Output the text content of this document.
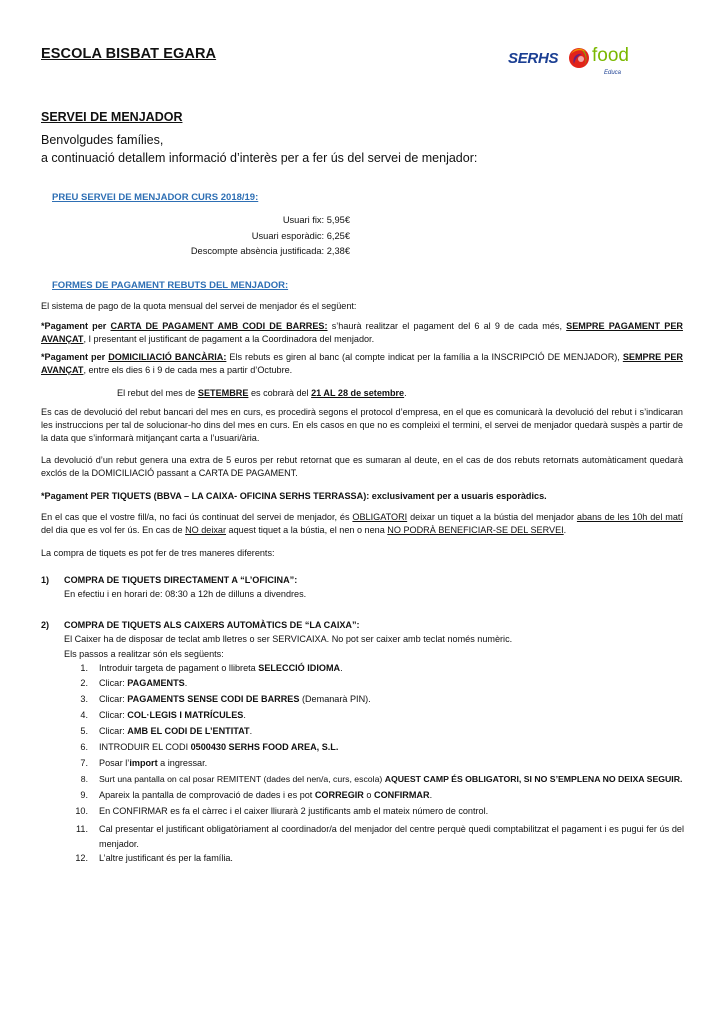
ESCOLA BISBAT EGARA	SERHS food
Educa
SERVEI DE MENJADOR
Benvolgudes famílies,
a continuació detallem informació d’interès per a fer ús del servei de menjador:
PREU SERVEI DE MENJADOR CURS 2018/19:
Usuari fix: 5,95€
Usuari esporàdic: 6,25€
Descompte absència justificada: 2,38€
FORMES DE PAGAMENT REBUTS DEL MENJADOR:
El sistema de pago de la quota mensual del servei de menjador és el següent:
*Pagament per CARTA DE PAGAMENT AMB CODI DE BARRES: s’haurà realitzar el pagament del 6 al 9 de cada més, SEMPRE PAGAMENT PER AVANÇAT, I presentant el justificant de pagament a la Coordinadora del menjador.
*Pagament per DOMICILIACIÓ BANCÀRIA: Els rebuts es giren al banc (al compte indicat per la família a la INSCRIPCIÓ DE MENJADOR), SEMPRE PER AVANÇAT, entre els dies 6 i 9 de cada mes a partir d’Octubre.
El rebut del mes de SETEMBRE es cobrarà del 21 AL 28 de setembre.
Es cas de devolució del rebut bancari del mes en curs, es procedirà segons el protocol d’empresa, en el que es comunicarà la devolució del rebut i s’indicaran les instruccions per tal de solucionar-ho dins del mes en curs. En els casos en que no es compleixi el termini, el servei de menjador quedarà suspès a partir de la data que s’informarà mitjançant carta a l’usuari/ària.
La devolució d’un rebut genera una extra de 5 euros per rebut retornat que es sumaran al deute, en el cas de dos rebuts retornats automàticament quedarà exclós de la DOMICILIACIÓ passant a CARTA DE PAGAMENT.
*Pagament PER TIQUETS (BBVA – LA CAIXA- OFICINA SERHS TERRASSA): exclusivament per a usuaris esporàdics.
En el cas que el vostre fill/a, no faci ús continuat del servei de menjador, és OBLIGATORI deixar un tiquet a la bústia del menjador abans de les 10h del matí del dia que es vol fer ús. En cas de NO deixar aquest tiquet a la bústia, el nen o nena NO PODRÀ BENEFICIAR-SE DEL SERVEI.
La compra de tiquets es pot fer de tres maneres diferents:
1) COMPRA DE TIQUETS DIRECTAMENT A “L’OFICINA”:
En efectiu i en horari de: 08:30 a 12h de dilluns a divendres.
2) COMPRA DE TIQUETS ALS CAIXERS AUTOMÀTICS DE “LA CAIXA”:
El Caixer ha de disposar de teclat amb lletres o ser SERVICAIXA. No pot ser caixer amb teclat només numèric.
Els passos a realitzar són els següents:
1. Introduir targeta de pagament o llibreta SELECCIÓ IDIOMA.
2. Clicar: PAGAMENTS.
3. Clicar: PAGAMENTS SENSE CODI DE BARRES (Demanarà PIN).
4. Clicar: COL·LEGIS I MATRÍCULES.
5. Clicar: AMB EL CODI DE L’ENTITAT.
6. INTRODUIR EL CODI 0500430 SERHS FOOD AREA, S.L.
7. Posar l’import a ingressar.
8. Surt una pantalla on cal posar REMITENT (dades del nen/a, curs, escola) AQUEST CAMP ÉS OBLIGATORI, SI NO S’EMPLENA NO DEIXA SEGUIR.
9. Apareix la pantalla de comprovació de dades i es pot CORREGIR o CONFIRMAR.
10. En CONFIRMAR es fa el càrrec i el caixer lliurarà 2 justificants amb el mateix número de control.
11. Cal presentar el justificant obligatòriament al coordinador/a del menjador del centre perquè quedi comptabilitzat el pagament i es pugui fer ús del menjador.
12. L’altre justificant és per la família.
